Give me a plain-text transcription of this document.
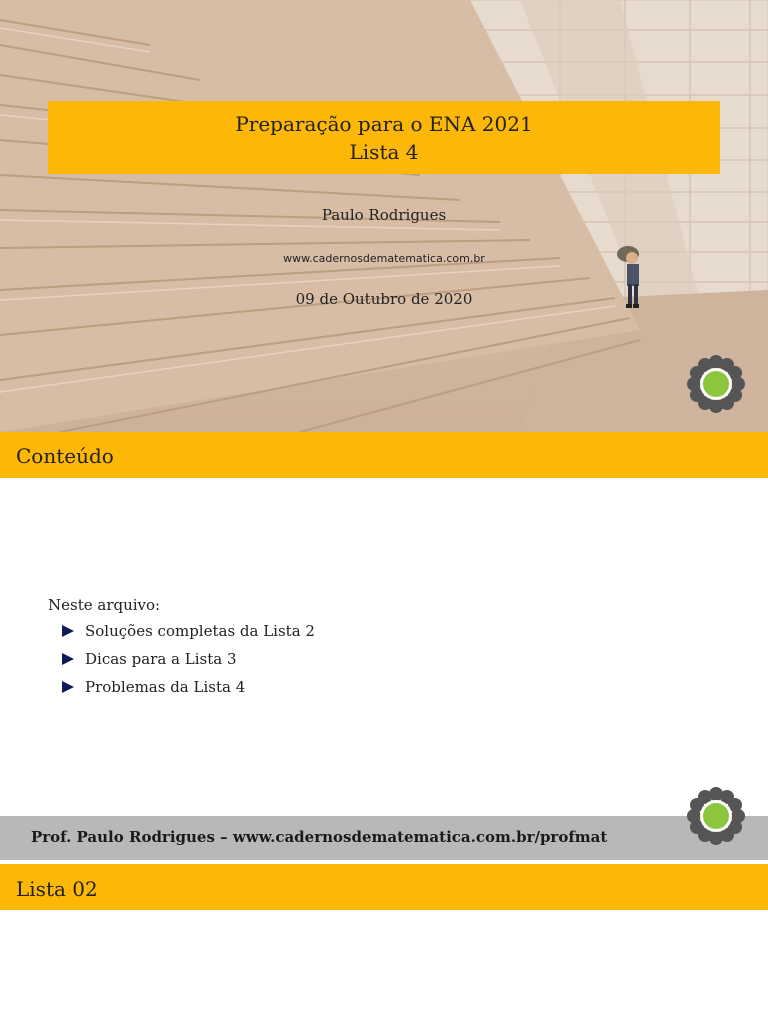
Preparação para o ENA 2021
Lista 4
Paulo Rodrigues
www.cadernosdematematica.com.br
09 de Outubro de 2020
Conteúdo
Neste arquivo:
Soluções completas da Lista 2
Dicas para a Lista 3
Problemas da Lista 4
Prof. Paulo Rodrigues – www.cadernosdematematica.com.br/profmat
Lista 02
